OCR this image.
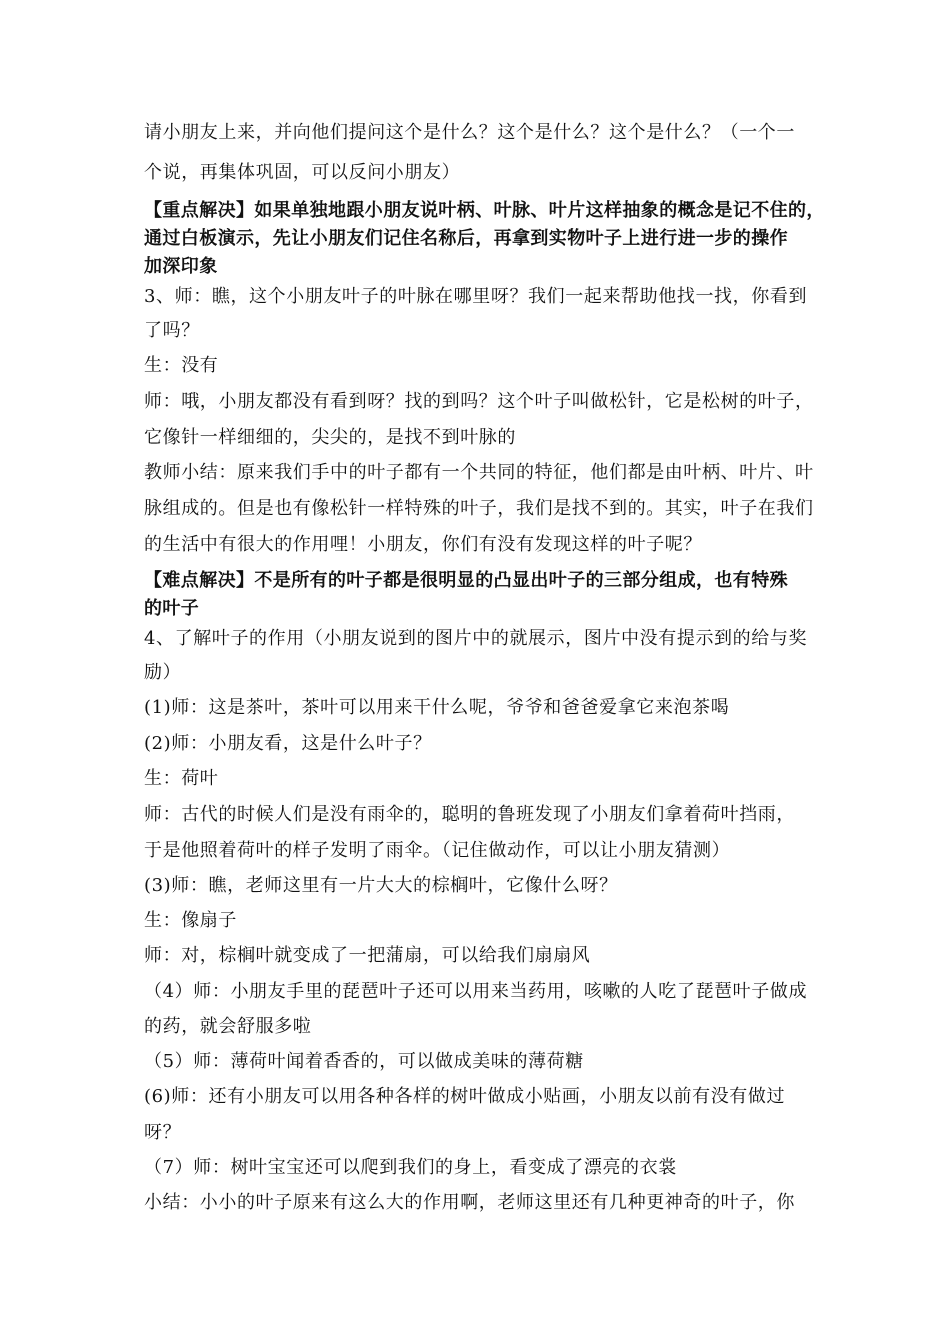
请小朋友上来，并向他们提问这个是什么？这个是什么？这个是什么？（一个一
个说，再集体巩固，可以反问小朋友）
【重点解决】如果单独地跟小朋友说叶柄、叶脉、叶片这样抽象的概念是记不住的，
通过白板演示，先让小朋友们记住名称后，再拿到实物叶子上进行进一步的操作
加深印象
3、师：瞧，这个小朋友叶子的叶脉在哪里呀？我们一起来帮助他找一找，你看到
了吗？
生：没有
师：哦，小朋友都没有看到呀？找的到吗？这个叶子叫做松针，它是松树的叶子，
它像针一样细细的，尖尖的，是找不到叶脉的
教师小结：原来我们手中的叶子都有一个共同的特征，他们都是由叶柄、叶片、叶
脉组成的。但是也有像松针一样特殊的叶子，我们是找不到的。其实，叶子在我们
的生活中有很大的作用哩！小朋友，你们有没有发现这样的叶子呢？
【难点解决】不是所有的叶子都是很明显的凸显出叶子的三部分组成，也有特殊
的叶子
4、了解叶子的作用（小朋友说到的图片中的就展示，图片中没有提示到的给与奖
励）
(1)师：这是茶叶，茶叶可以用来干什么呢，爷爷和爸爸爱拿它来泡茶喝
(2)师：小朋友看，这是什么叶子？
生：荷叶
师：古代的时候人们是没有雨伞的，聪明的鲁班发现了小朋友们拿着荷叶挡雨，
于是他照着荷叶的样子发明了雨伞。（记住做动作，可以让小朋友猜测）
(3)师：瞧，老师这里有一片大大的棕榈叶，它像什么呀？
生：像扇子
师：对，棕榈叶就变成了一把蒲扇，可以给我们扇扇风
（4）师：小朋友手里的琵琶叶子还可以用来当药用，咳嗽的人吃了琵琶叶子做成
的药，就会舒服多啦
（5）师：薄荷叶闻着香香的，可以做成美味的薄荷糖
(6)师：还有小朋友可以用各种各样的树叶做成小贴画，小朋友以前有没有做过
呀？
（7）师：树叶宝宝还可以爬到我们的身上，看变成了漂亮的衣裳
小结：小小的叶子原来有这么大的作用啊，老师这里还有几种更神奇的叶子，你
